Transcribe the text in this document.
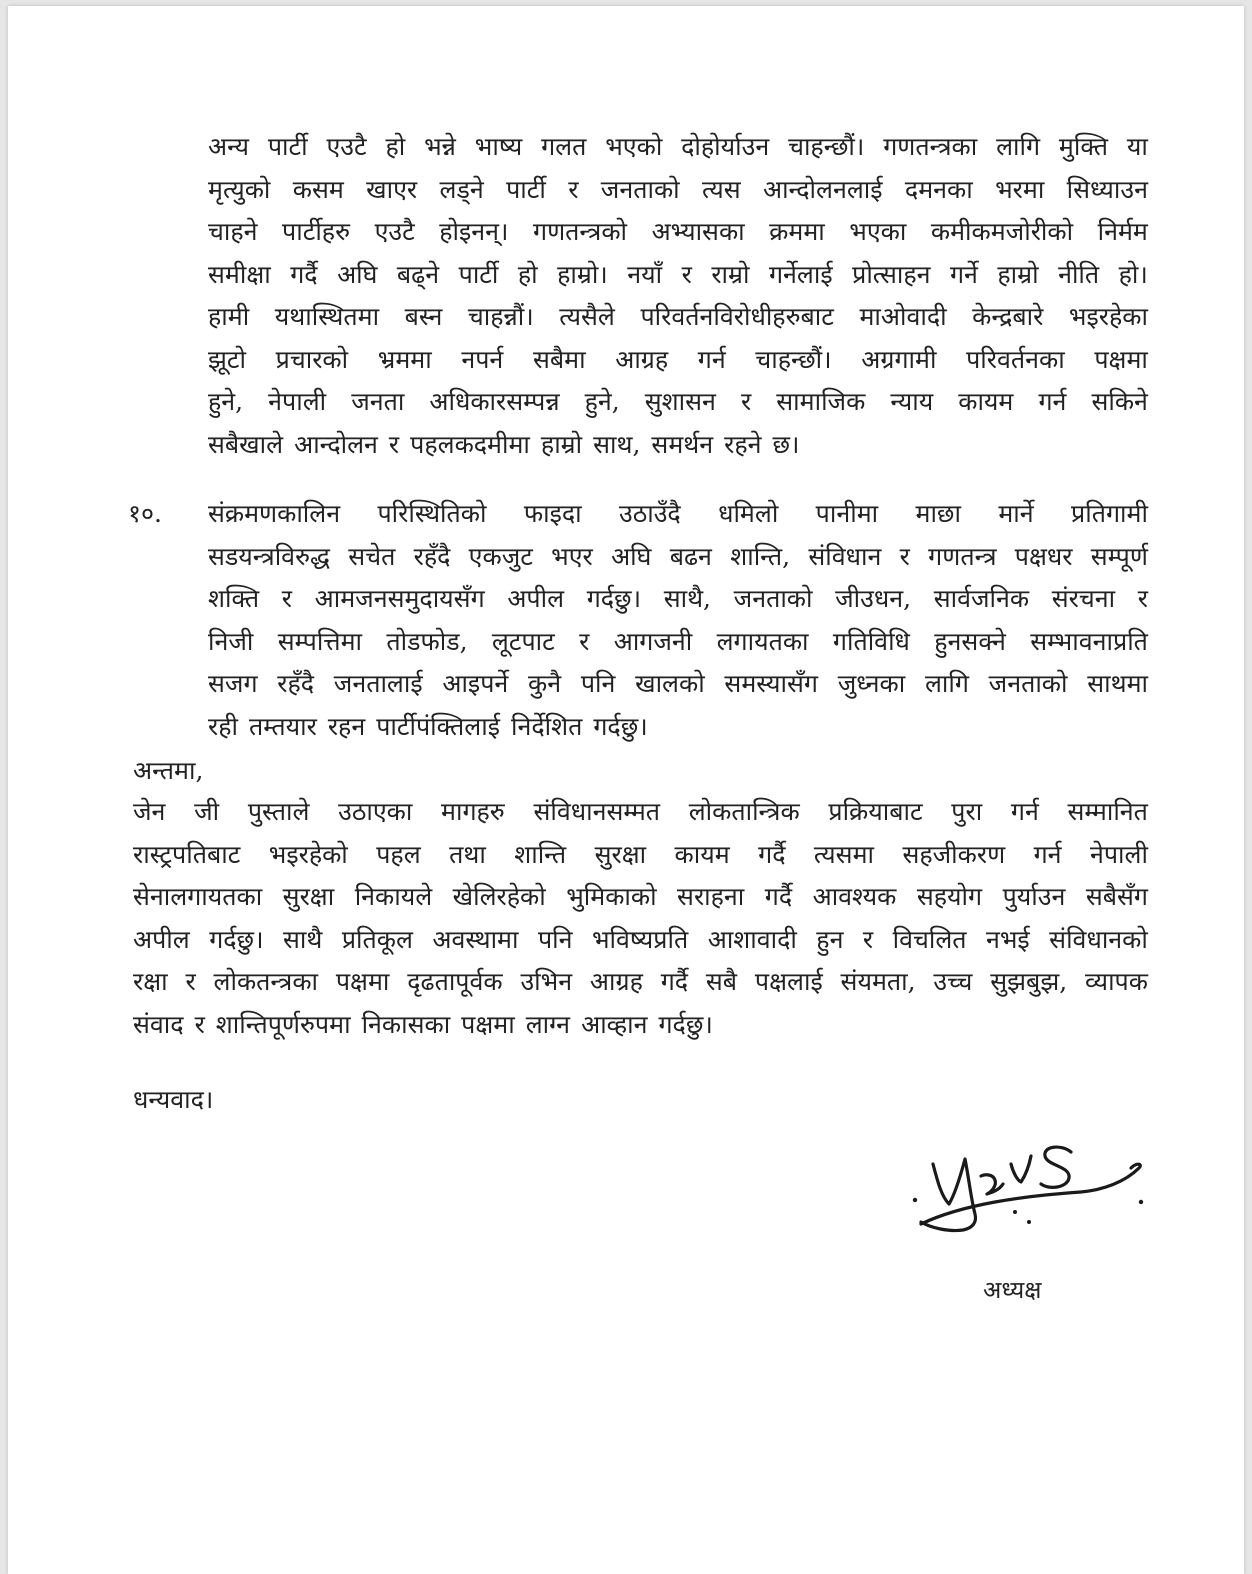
अन्य पार्टी एउटै हो भन्ने भाष्य गलत भएको दोहोर्याउन चाहन्छौं। गणतन्त्रका लागि मुक्ति या
मृत्युको कसम खाएर लड्ने पार्टी र जनताको त्यस आन्दोलनलाई दमनका भरमा सिध्याउन
चाहने पार्टीहरु एउटै होइनन्। गणतन्त्रको अभ्यासका क्रममा भएका कमीकमजोरीको निर्मम
समीक्षा गर्दै अघि बढ्ने पार्टी हो हाम्रो। नयाँ र राम्रो गर्नेलाई प्रोत्साहन गर्ने हाम्रो नीति हो।
हामी यथास्थितमा बस्न चाहन्नौं। त्यसैले परिवर्तनविरोधीहरुबाट माओवादी केन्द्रबारे भइरहेका
झूटो प्रचारको भ्रममा नपर्न सबैमा आग्रह गर्न चाहन्छौं। अग्रगामी परिवर्तनका पक्षमा
हुने, नेपाली जनता अधिकारसम्पन्न हुने, सुशासन र सामाजिक न्याय कायम गर्न सकिने
सबैखाले आन्दोलन र पहलकदमीमा हाम्रो साथ, समर्थन रहने छ।
१०. संक्रमणकालिन परिस्थितिको फाइदा उठाउँदै धमिलो पानीमा माछा मार्ने प्रतिगामी
सडयन्त्रविरुद्ध सचेत रहँदै एकजुट भएर अघि बढन शान्ति, संविधान र गणतन्त्र पक्षधर सम्पूर्ण
शक्ति र आमजनसमुदायसँग अपील गर्दछु। साथै, जनताको जीउधन, सार्वजनिक संरचना र
निजी सम्पत्तिमा तोडफोड, लूटपाट र आगजनी लगायतका गतिविधि हुनसक्ने सम्भावनाप्रति
सजग रहँदै जनतालाई आइपर्ने कुनै पनि खालको समस्यासँग जुध्नका लागि जनताको साथमा
रही तम्तयार रहन पार्टीपंक्तिलाई निर्देशित गर्दछु।
अन्तमा,
जेन जी पुस्ताले उठाएका मागहरु संविधानसम्मत लोकतान्त्रिक प्रक्रियाबाट पुरा गर्न सम्मानित
रास्ट्रपतिबाट भइरहेको पहल तथा शान्ति सुरक्षा कायम गर्दै त्यसमा सहजीकरण गर्न नेपाली
सेनालगायतका सुरक्षा निकायले खेलिरहेको भुमिकाको सराहना गर्दै आवश्यक सहयोग पुर्याउन सबैसँग
अपील गर्दछु। साथै प्रतिकूल अवस्थामा पनि भविष्यप्रति आशावादी हुन र विचलित नभई संविधानको
रक्षा र लोकतन्त्रका पक्षमा दृढतापूर्वक उभिन आग्रह गर्दै सबै पक्षलाई संयमता, उच्च सुझबुझ, व्यापक
संवाद र शान्तिपूर्णरुपमा निकासका पक्षमा लाग्न आव्हान गर्दछु।
धन्यवाद।
अध्यक्ष
